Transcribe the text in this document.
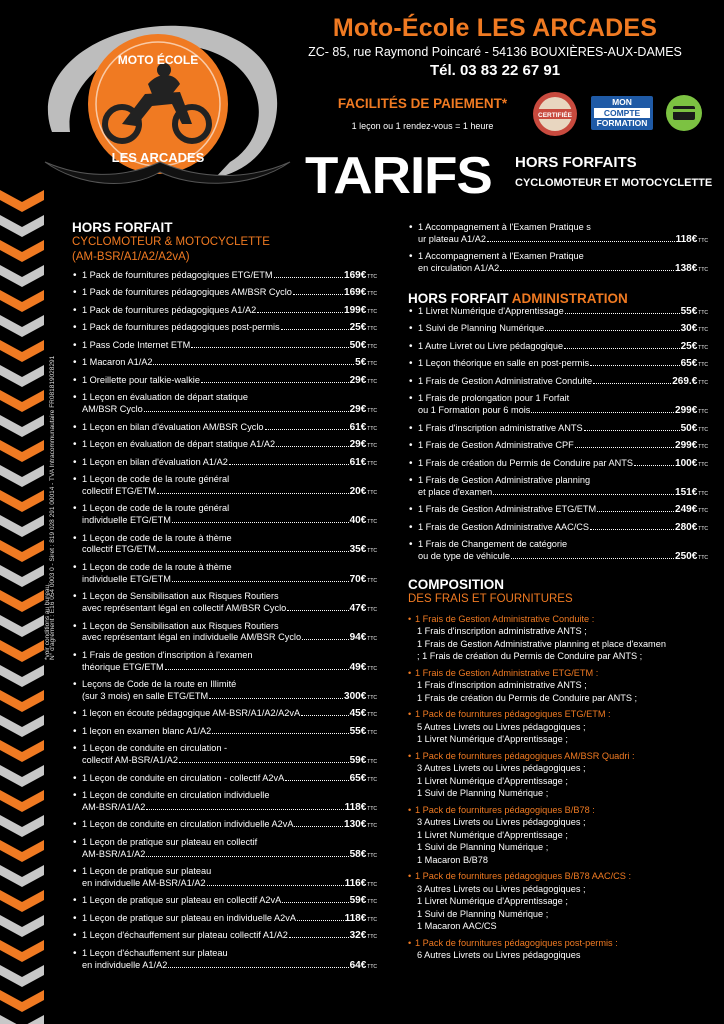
MOTO ÉCOLE
LES ARCADES
Moto-École LES ARCADES
ZC- 85, rue Raymond Poincaré - 54136 BOUXIÈRES-AUX-DAMES
Tél. 03 83 22 67 91
FACILITÉS DE PAIEMENT*
1 leçon ou 1 rendez-vous = 1 heure
CERTIFIÉE
MON
COMPTE
FORMATION
TARIFS	HORS FORFAITS
CYCLOMOTEUR ET MOTOCYCLETTE
N° d'agrément : E16 054 0003 0 - Siret : 819 028 291 00014 - TVA Intracommunautaire FR081819028291
*voir conditions au bureau.
HORS FORFAIT
CYCLOMOTEUR & MOTOCYCLETTE
(AM-BSR/A1/A2/A2vA)
• 1 Pack de fournitures pédagogiques ETG/ETM	169€ TTC
• 1 Pack de fournitures pédagogiques AM/BSR Cyclo	169€ TTC
• 1 Pack de fournitures pédagogiques A1/A2	199€ TTC
• 1 Pack de fournitures pédagogiques post-permis	25€ TTC
• 1 Pass Code Internet ETM	50€ TTC
• 1 Macaron A1/A2	5€ TTC
• 1 Oreillette pour talkie-walkie	29€ TTC
• 1 Leçon en évaluation de départ statique
AM/BSR Cyclo	29€ TTC
• 1 Leçon en bilan d'évaluation AM/BSR Cyclo	61€ TTC
• 1 Leçon en évaluation de départ statique A1/A2	29€ TTC
• 1 Leçon en bilan d'évaluation A1/A2	61€ TTC
• 1 Leçon de code de la route général
collectif ETG/ETM	20€ TTC
• 1 Leçon de code de la route général
individuelle ETG/ETM	40€ TTC
• 1 Leçon de code de la route à thème
collectif ETG/ETM	35€ TTC
• 1 Leçon de code de la route à thème
individuelle ETG/ETM	70€ TTC
• 1 Leçon de Sensibilisation aux Risques Routiers
avec représentant légal en collectif AM/BSR Cyclo	47€ TTC
• 1 Leçon de Sensibilisation aux Risques Routiers
avec représentant légal en individuelle AM/BSR Cyclo	94€ TTC
• 1 Frais de gestion d'inscription à l'examen
théorique ETG/ETM	49€ TTC
• Leçons de Code de la route en Illimité
(sur 3 mois) en salle ETG/ETM	300€ TTC
• 1 leçon en écoute pédagogique AM-BSR/A1/A2/A2vA	45€ TTC
• 1 leçon en examen blanc A1/A2	55€ TTC
• 1 Leçon de conduite en circulation -
collectif AM-BSR/A1/A2	59€ TTC
• 1 Leçon de conduite en circulation - collectif A2vA	65€ TTC
• 1 Leçon de conduite en circulation individuelle
AM-BSR/A1/A2	118€ TTC
• 1 Leçon de conduite en circulation individuelle A2vA	130€ TTC
• 1 Leçon de pratique sur plateau en collectif
AM-BSR/A1/A2	58€ TTC
• 1 Leçon de pratique sur plateau
en individuelle AM-BSR/A1/A2	116€ TTC
• 1 Leçon de pratique sur plateau en collectif A2vA	59€ TTC
• 1 Leçon de pratique sur plateau en individuelle A2vA	118€ TTC
• 1 Leçon d'échauffement sur plateau collectif A1/A2	32€ TTC
• 1 Leçon d'échauffement sur plateau
en individuelle A1/A2	64€ TTC
• 1 Accompagnement à l'Examen Pratique s
ur plateau A1/A2	118€ TTC
• 1 Accompagnement à l'Examen Pratique
en circulation A1/A2	138€ TTC
HORS FORFAIT ADMINISTRATION
• 1 Livret Numérique d'Apprentissage	55€ TTC
• 1 Suivi de Planning Numérique	30€ TTC
• 1 Autre Livret ou Livre pédagogique	25€ TTC
• 1 Leçon théorique en salle en post-permis	65€ TTC
• 1 Frais de Gestion Administrative Conduite	269.€ TTC
• 1 Frais de prolongation pour 1 Forfait
ou 1 Formation pour 6 mois	299€ TTC
• 1 Frais d'inscription administrative ANTS	50€ TTC
• 1 Frais de Gestion Administrative CPF	299€ TTC
• 1 Frais de création du Permis de Conduire par ANTS	100€ TTC
• 1 Frais de Gestion Administrative planning
et place d'examen	151€ TTC
• 1 Frais de Gestion Administrative ETG/ETM	249€ TTC
• 1 Frais de Gestion Administrative AAC/CS	280€ TTC
• 1 Frais de Changement de catégorie
ou de type de véhicule	250€ TTC
COMPOSITION
DES FRAIS ET FOURNITURES
• 1 Frais de Gestion Administrative Conduite :
1 Frais d'inscription administrative ANTS ;
1 Frais de Gestion Administrative planning et place d'examen
; 1 Frais de création du Permis de Conduire par ANTS ;
• 1 Frais de Gestion Administrative ETG/ETM :
1 Frais d'inscription administrative ANTS ;
1 Frais de création du Permis de Conduire par ANTS ;
• 1 Pack de fournitures pédagogiques ETG/ETM :
5 Autres Livrets ou Livres pédagogiques ;
1 Livret Numérique d'Apprentissage ;
• 1 Pack de fournitures pédagogiques AM/BSR Quadri :
3 Autres Livrets ou Livres pédagogiques ;
1 Livret Numérique d'Apprentissage ;
1 Suivi de Planning Numérique ;
• 1 Pack de fournitures pédagogiques B/B78 :
3 Autres Livrets ou Livres pédagogiques ;
1 Livret Numérique d'Apprentissage ;
1 Suivi de Planning Numérique ;
1 Macaron B/B78
• 1 Pack de fournitures pédagogiques B/B78 AAC/CS :
3 Autres Livrets ou Livres pédagogiques ;
1 Livret Numérique d'Apprentissage ;
1 Suivi de Planning Numérique ;
1 Macaron AAC/CS
• 1 Pack de fournitures pédagogiques post-permis :
6 Autres Livrets ou Livres pédagogiques
